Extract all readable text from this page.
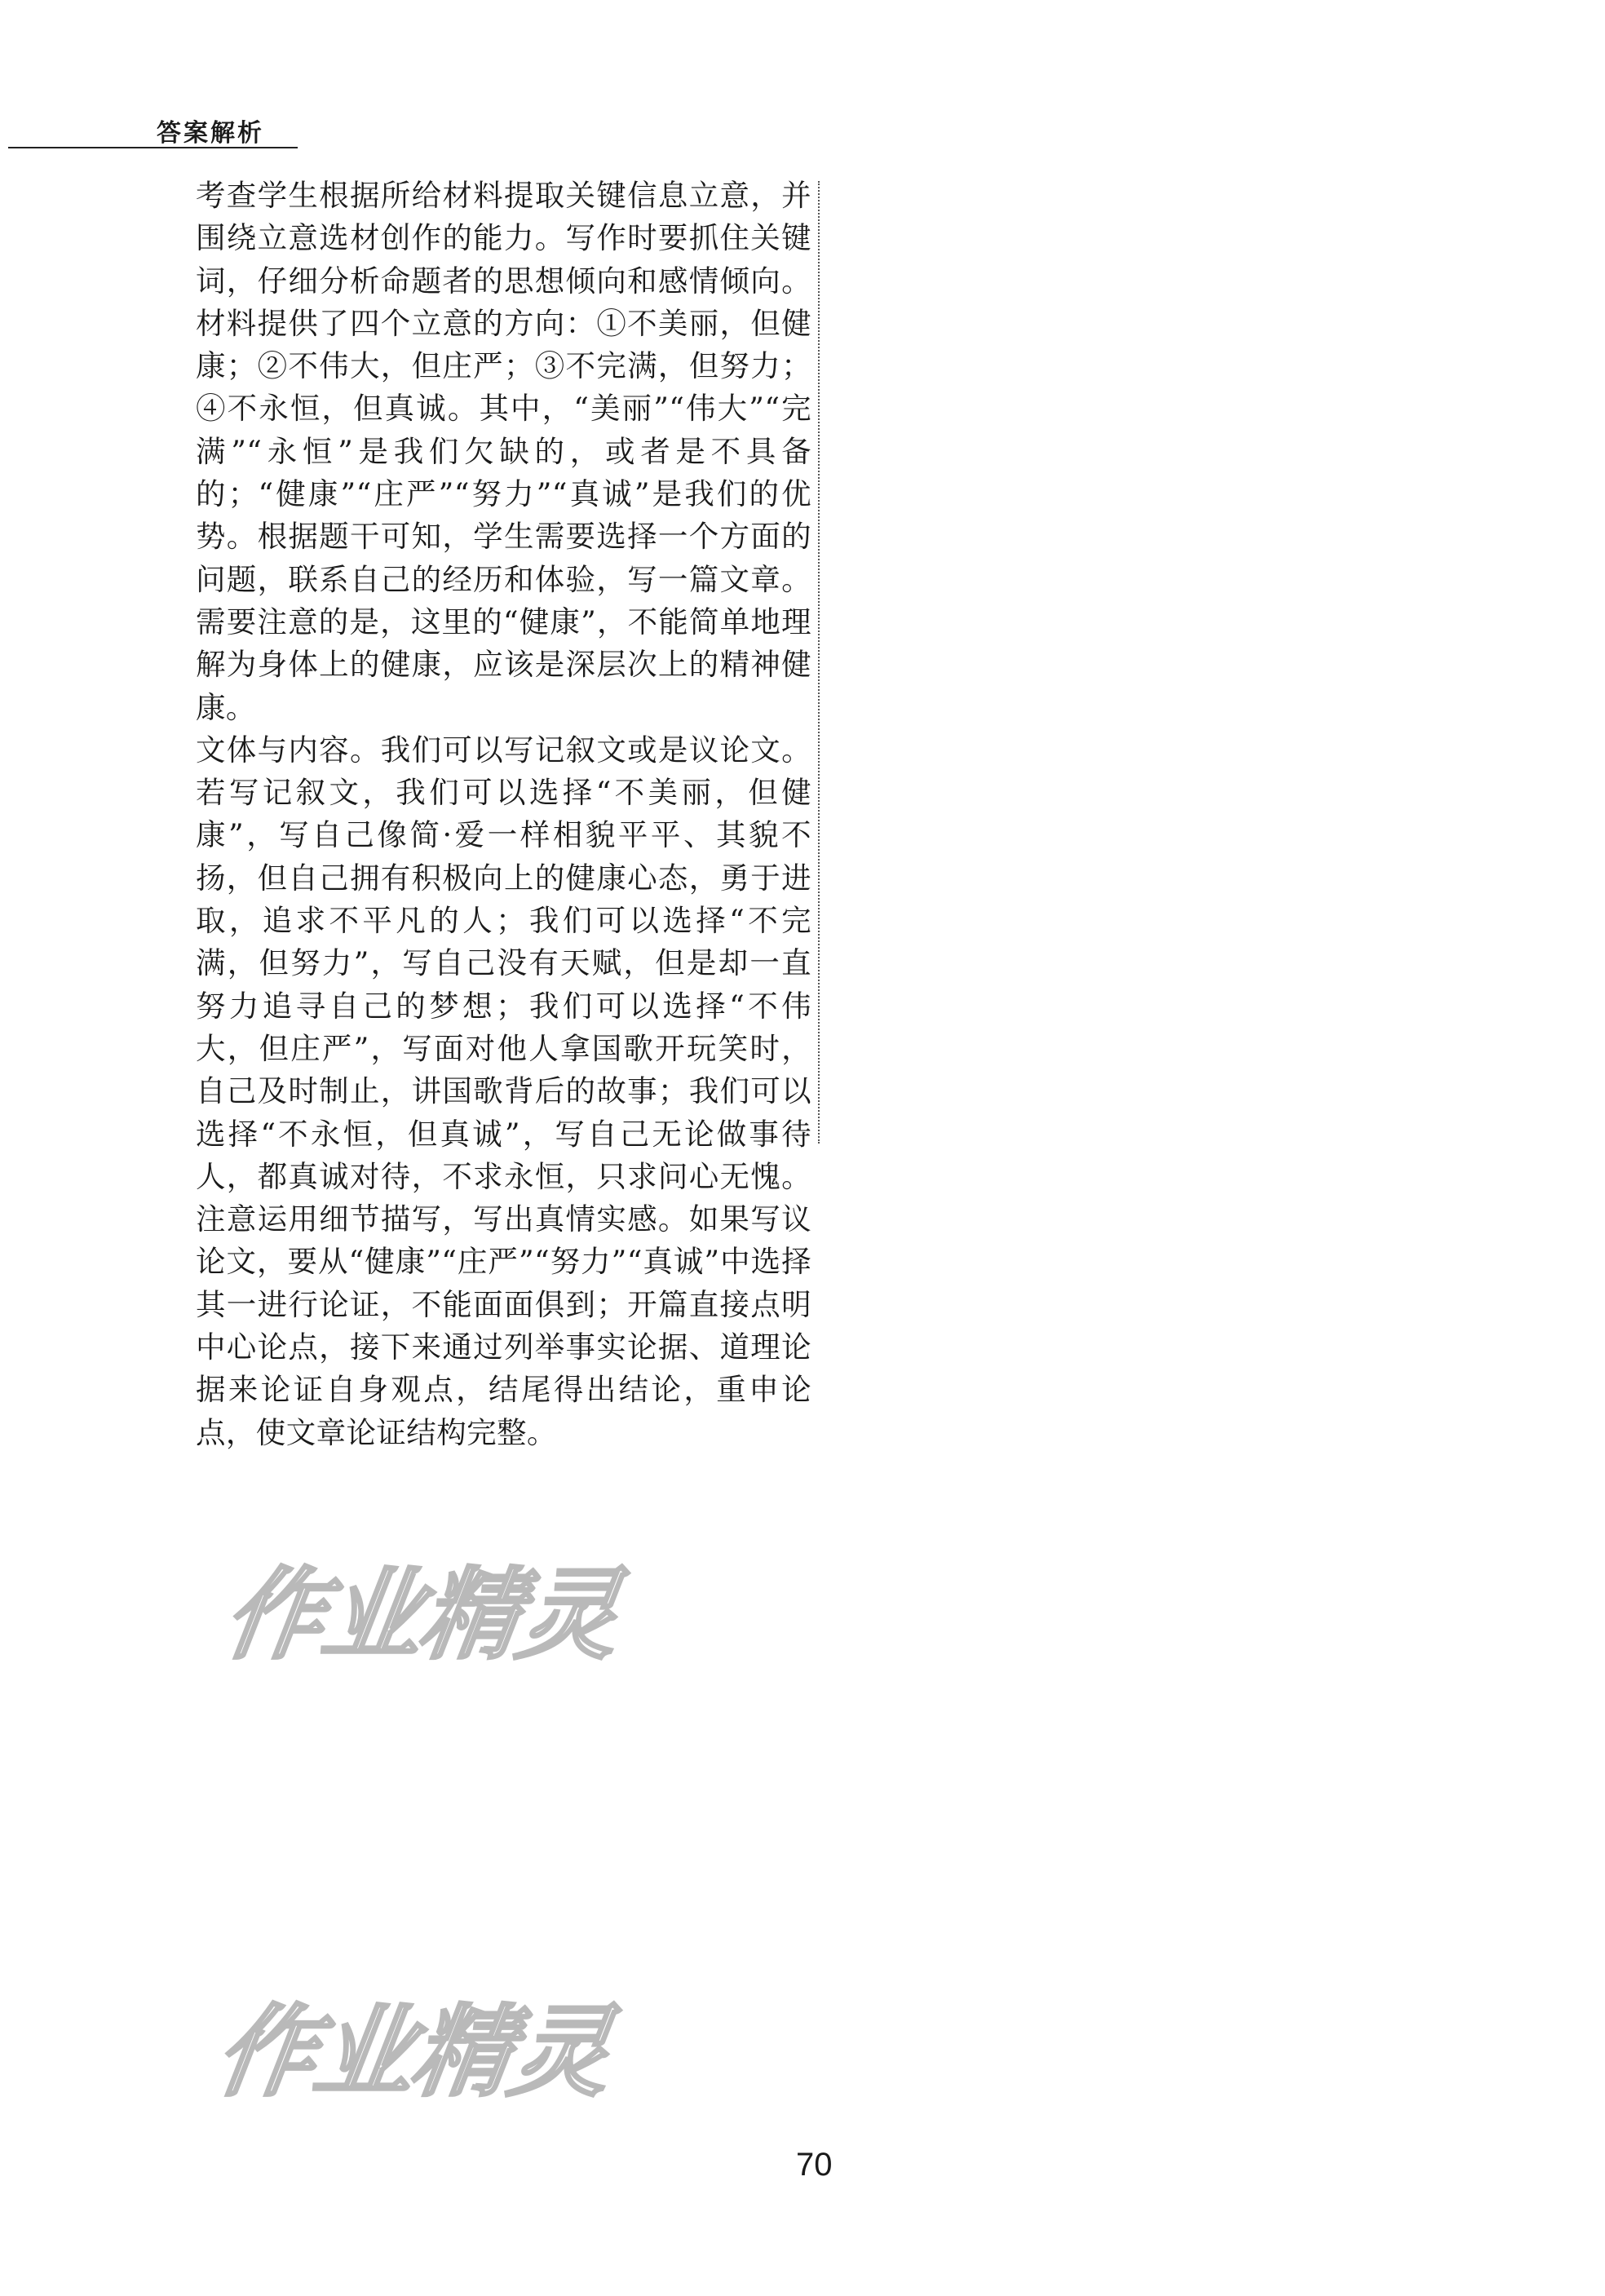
答案解析

考查学生根据所给材料提取关键信息立意，并围绕立意选材创作的能力。写作时要抓住关键词，仔细分析命题者的思想倾向和感情倾向。材料提供了四个立意的方向：①不美丽，但健康；②不伟大，但庄严；③不完满，但努力；④不永恒，但真诚。其中，“美丽”“伟大”“完满”“永恒”是我们欠缺的，或者是不具备的；“健康”“庄严”“努力”“真诚”是我们的优势。根据题干可知，学生需要选择一个方面的问题，联系自己的经历和体验，写一篇文章。需要注意的是，这里的“健康”，不能简单地理解为身体上的健康，应该是深层次上的精神健康。

文体与内容。我们可以写记叙文或是议论文。若写记叙文，我们可以选择“不美丽，但健康”，写自己像简·爱一样相貌平平、其貌不扬，但自己拥有积极向上的健康心态，勇于进取，追求不平凡的人；我们可以选择“不完满，但努力”，写自己没有天赋，但是却一直努力追寻自己的梦想；我们可以选择“不伟大，但庄严”，写面对他人拿国歌开玩笑时，自己及时制止，讲国歌背后的故事；我们可以选择“不永恒，但真诚”，写自己无论做事待人，都真诚对待，不求永恒，只求问心无愧。注意运用细节描写，写出真情实感。如果写议论文，要从“健康”“庄严”“努力”“真诚”中选择其一进行论证，不能面面俱到；开篇直接点明中心论点，接下来通过列举事实论据、道理论据来论证自身观点，结尾得出结论，重申论点，使文章论证结构完整。

作业精灵
作业精灵
70
